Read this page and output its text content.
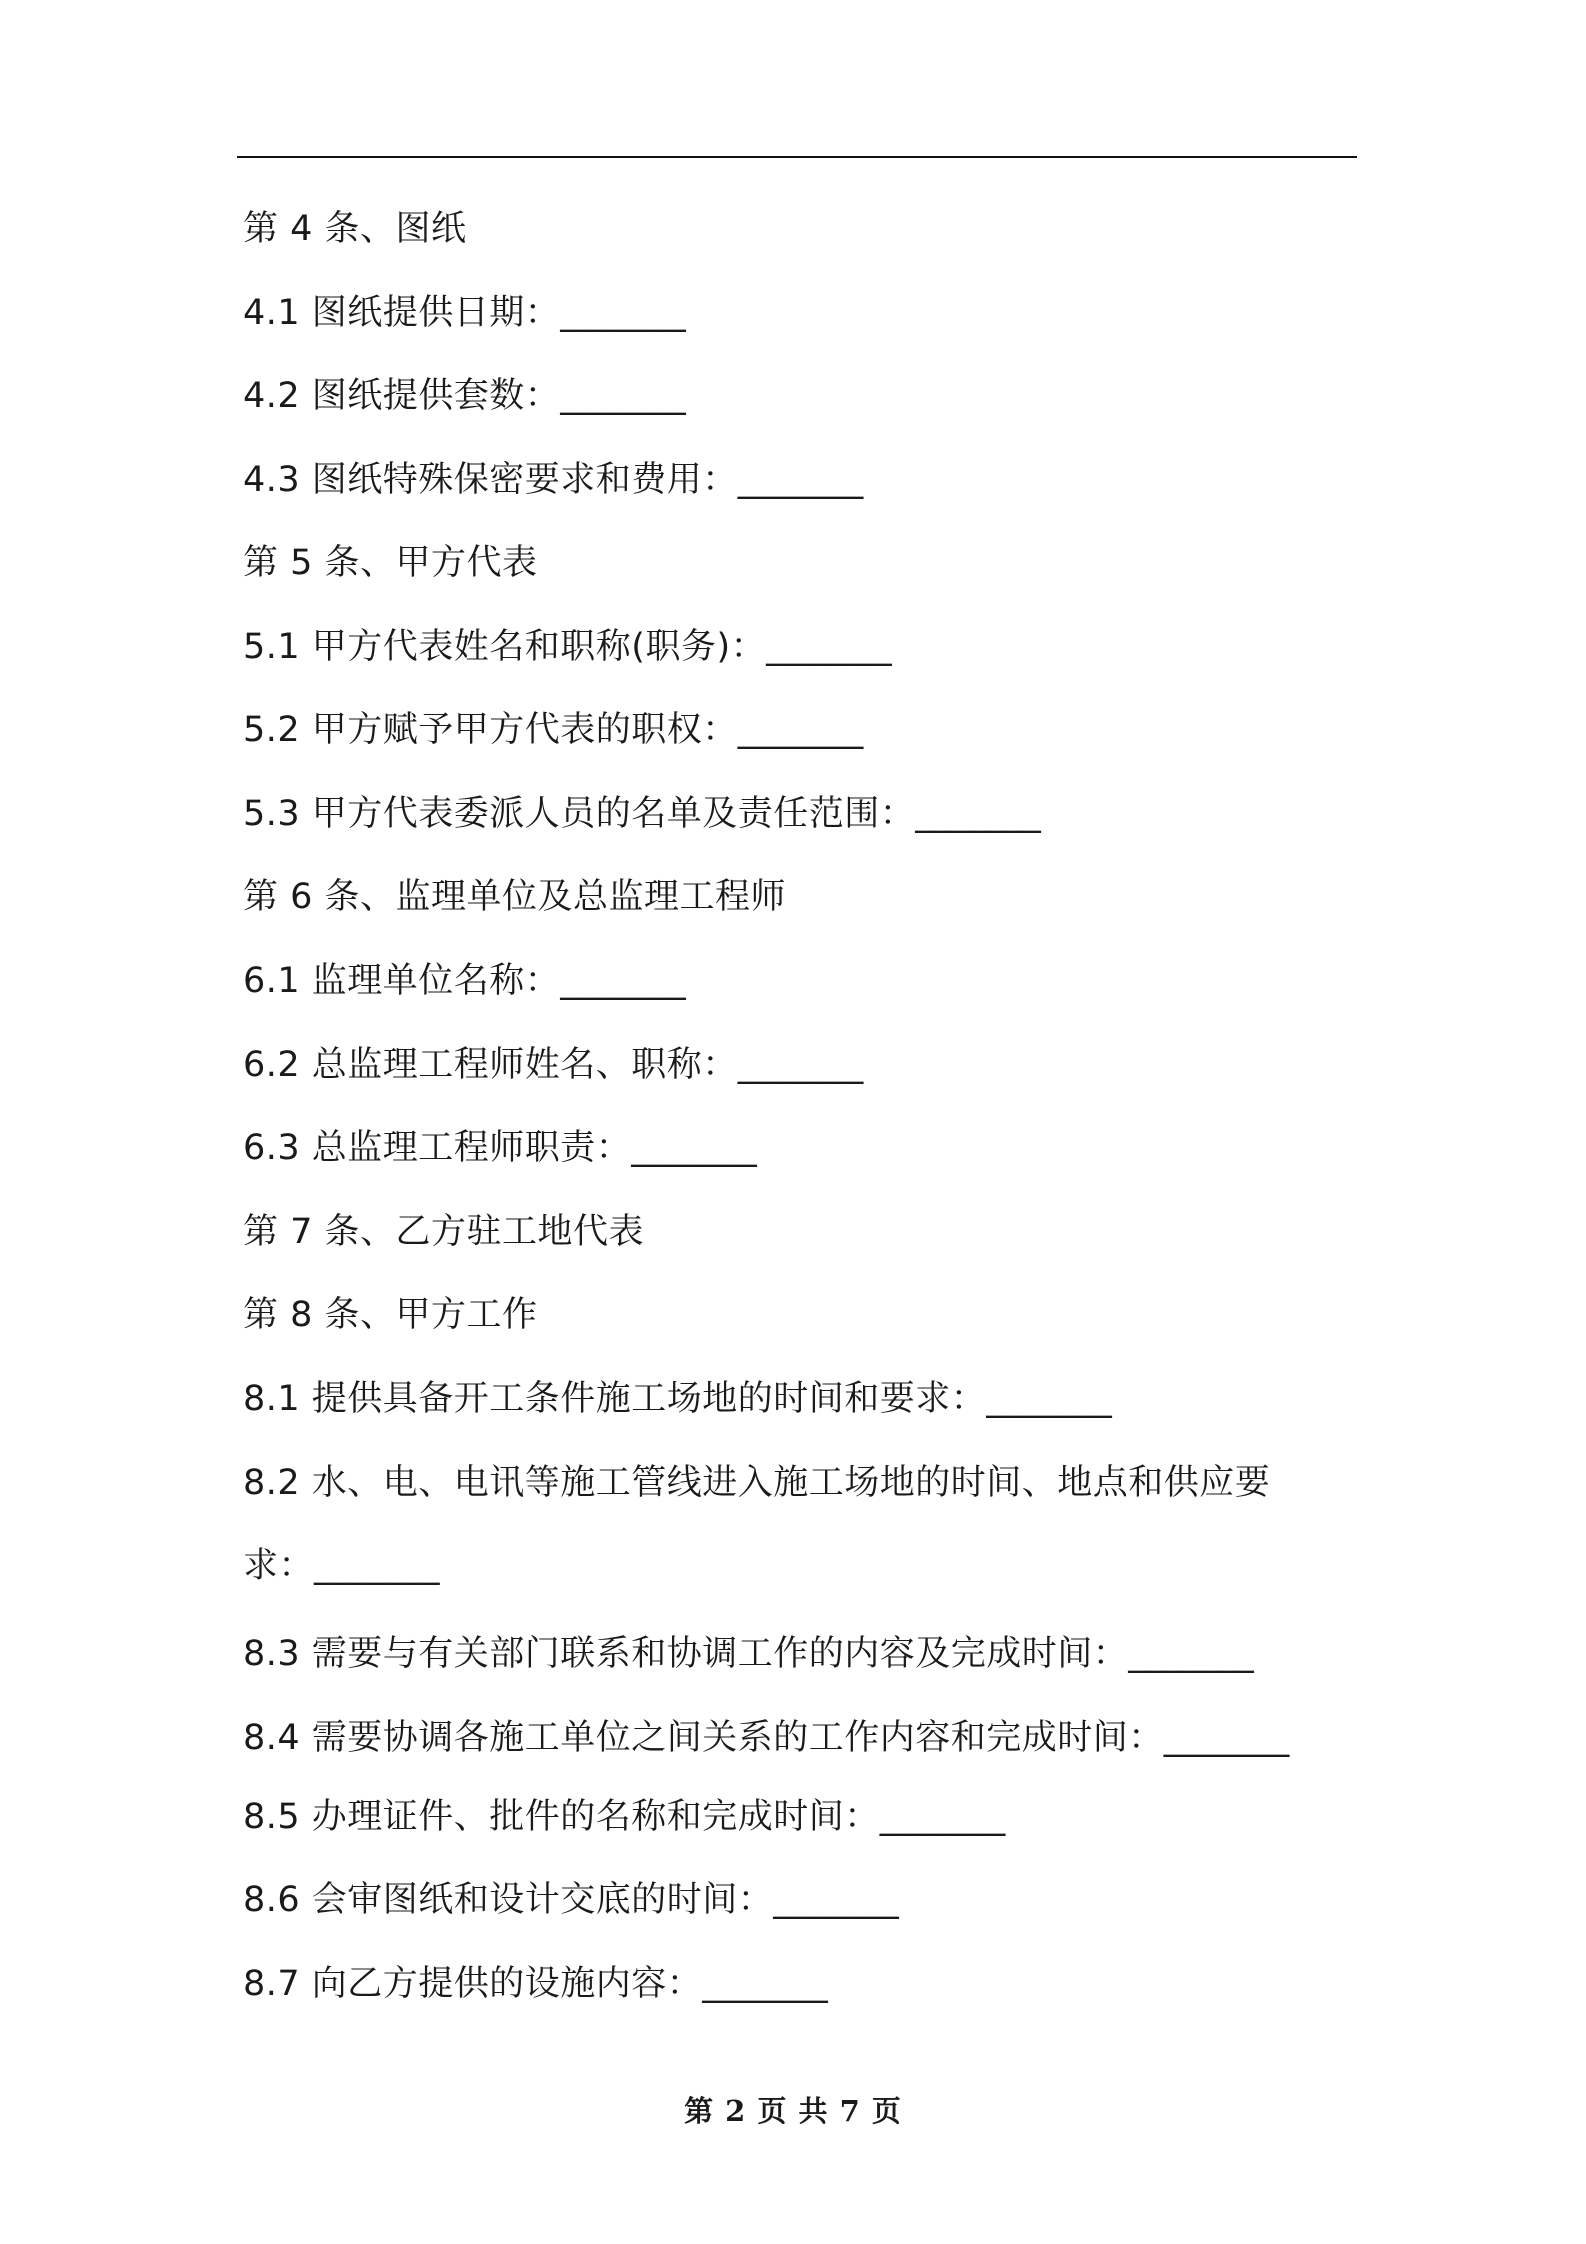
第 4 条、图纸
4.1 图纸提供日期：_______
4.2 图纸提供套数：_______
4.3 图纸特殊保密要求和费用：_______
第 5 条、甲方代表
5.1 甲方代表姓名和职称(职务)：_______
5.2 甲方赋予甲方代表的职权：_______
5.3 甲方代表委派人员的名单及责任范围：_______
第 6 条、监理单位及总监理工程师
6.1 监理单位名称：_______
6.2 总监理工程师姓名、职称：_______
6.3 总监理工程师职责：_______
第 7 条、乙方驻工地代表
第 8 条、甲方工作
8.1 提供具备开工条件施工场地的时间和要求：_______
8.2 水、电、电讯等施工管线进入施工场地的时间、地点和供应要
求：_______
8.3 需要与有关部门联系和协调工作的内容及完成时间：_______
8.4 需要协调各施工单位之间关系的工作内容和完成时间：_______
8.5 办理证件、批件的名称和完成时间：_______
8.6 会审图纸和设计交底的时间：_______
8.7 向乙方提供的设施内容：_______
第 2 页 共 7 页
